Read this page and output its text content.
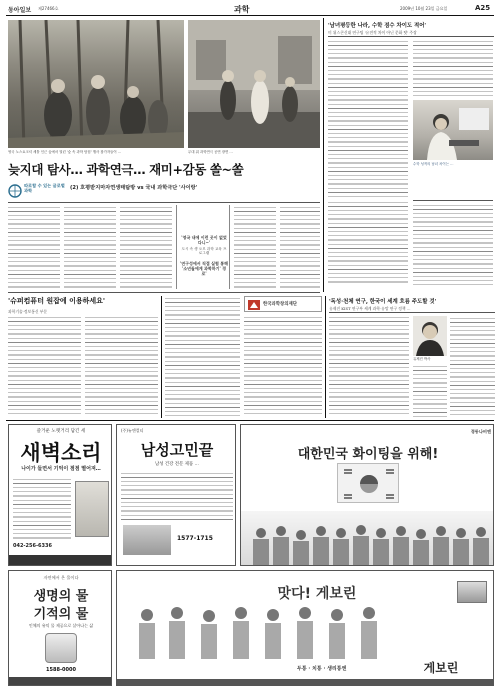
동아일보 제27466호	과학	2009년 10월 23일 금요일	A25
영국 노스요크셔 세틀 인근 숲에서 열린 '숲 속 과학 탐험' 행사 참가자들이 …	무대 위 과학연극 공연 장면 …
늦지대 탐사… 과학연극… 재미+감동 쏠~쏠
따로할 수 있는 글로벌 과학	(2) 호평받지마자연생태탐방 vs 국내 과학극단 '사이랑'
'영국 내에 이런 곳이 없었다니~'
도시 속 생 오모 과학 교육 프로그램
'연구성에서 직접 실험 통해 '소년들에게 과학하기' 경로'
'남녀평등한 나라, 수학 점수 차이도 적어'
미 위스콘신대 연구팀 '유전적 차이 아닌 문화 탓' 주장
수학 성적의 남녀 차이는 …
'슈퍼컴퓨터 원잡에 이용하세요'
과학기술·정보통신 부문
한국과학창의재단	'독성·천체 연구, 한국이 세계 흐름 주도할 것'
유제진 KIST 연구부 세계 과학·유망 연구 정책 …
유제진 박사
즐거운 노랫거리 담긴 세
새벽소리
나이가 들면서 기억이 점점 떨어져…
042-256-6336
(주)뉴앤컬티
남성고민끝
남성 건강 전문 제품 …
1577-1715
경동나비엔
대한민국 화이팅을 위해!
자연에서 온 물이다
생명의 물
기적의 물
인체의 유익 물 제공으로 살아나는 삶
1588-0000
맛다! 게보린
두통 · 치통 · 생리통엔	게보린
